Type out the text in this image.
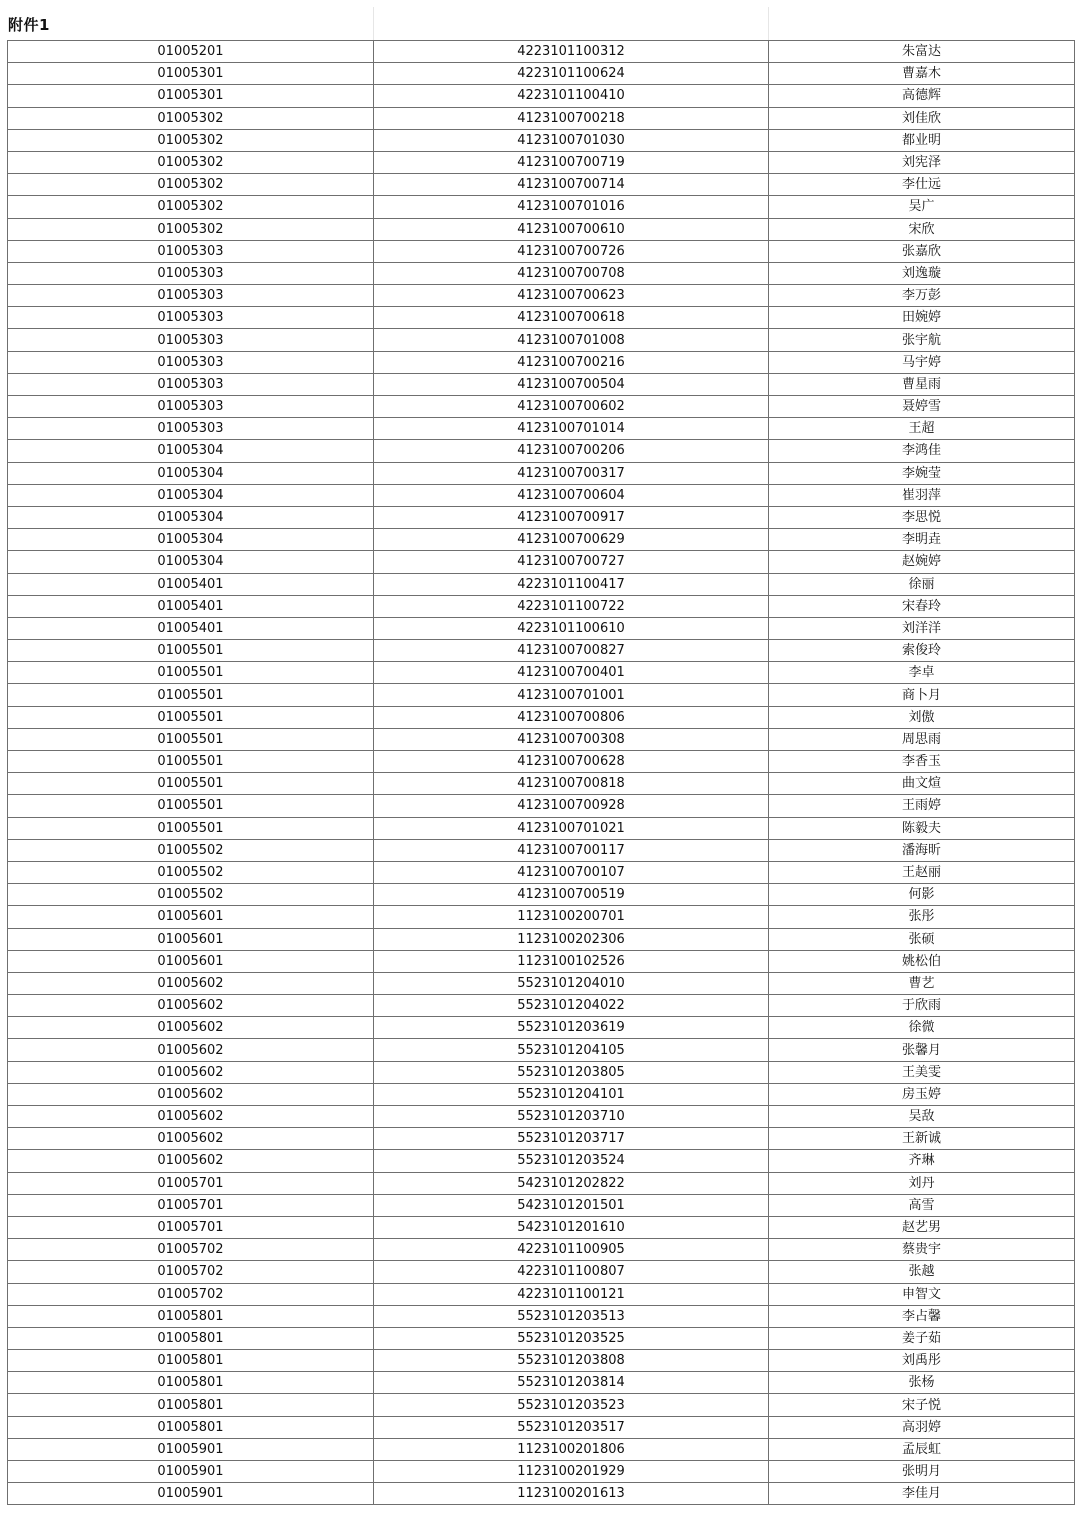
附件1
01005201	4223101100312	朱富达
01005301	4223101100624	曹嘉木
01005301	4223101100410	高德辉
01005302	4123100700218	刘佳欣
01005302	4123100701030	都业明
01005302	4123100700719	刘宪泽
01005302	4123100700714	李仕远
01005302	4123100701016	吴广
01005302	4123100700610	宋欣
01005303	4123100700726	张嘉欣
01005303	4123100700708	刘逸璇
01005303	4123100700623	李万彭
01005303	4123100700618	田婉婷
01005303	4123100701008	张宇航
01005303	4123100700216	马宇婷
01005303	4123100700504	曹星雨
01005303	4123100700602	聂婷雪
01005303	4123100701014	王超
01005304	4123100700206	李鸿佳
01005304	4123100700317	李婉莹
01005304	4123100700604	崔羽萍
01005304	4123100700917	李思悦
01005304	4123100700629	李明垚
01005304	4123100700727	赵婉婷
01005401	4223101100417	徐丽
01005401	4223101100722	宋春玲
01005401	4223101100610	刘洋洋
01005501	4123100700827	索俊玲
01005501	4123100700401	李卓
01005501	4123100701001	商卜月
01005501	4123100700806	刘傲
01005501	4123100700308	周思雨
01005501	4123100700628	李香玉
01005501	4123100700818	曲文煊
01005501	4123100700928	王雨婷
01005501	4123100701021	陈毅夫
01005502	4123100700117	潘海昕
01005502	4123100700107	王赵丽
01005502	4123100700519	何影
01005601	1123100200701	张彤
01005601	1123100202306	张硕
01005601	1123100102526	姚松伯
01005602	5523101204010	曹艺
01005602	5523101204022	于欣雨
01005602	5523101203619	徐微
01005602	5523101204105	张馨月
01005602	5523101203805	王美雯
01005602	5523101204101	房玉婷
01005602	5523101203710	吴敌
01005602	5523101203717	王新诚
01005602	5523101203524	齐琳
01005701	5423101202822	刘丹
01005701	5423101201501	高雪
01005701	5423101201610	赵艺男
01005702	4223101100905	蔡贵宇
01005702	4223101100807	张越
01005702	4223101100121	申智文
01005801	5523101203513	李占馨
01005801	5523101203525	姜子茹
01005801	5523101203808	刘禹彤
01005801	5523101203814	张杨
01005801	5523101203523	宋子悦
01005801	5523101203517	高羽婷
01005901	1123100201806	孟辰虹
01005901	1123100201929	张明月
01005901	1123100201613	李佳月
